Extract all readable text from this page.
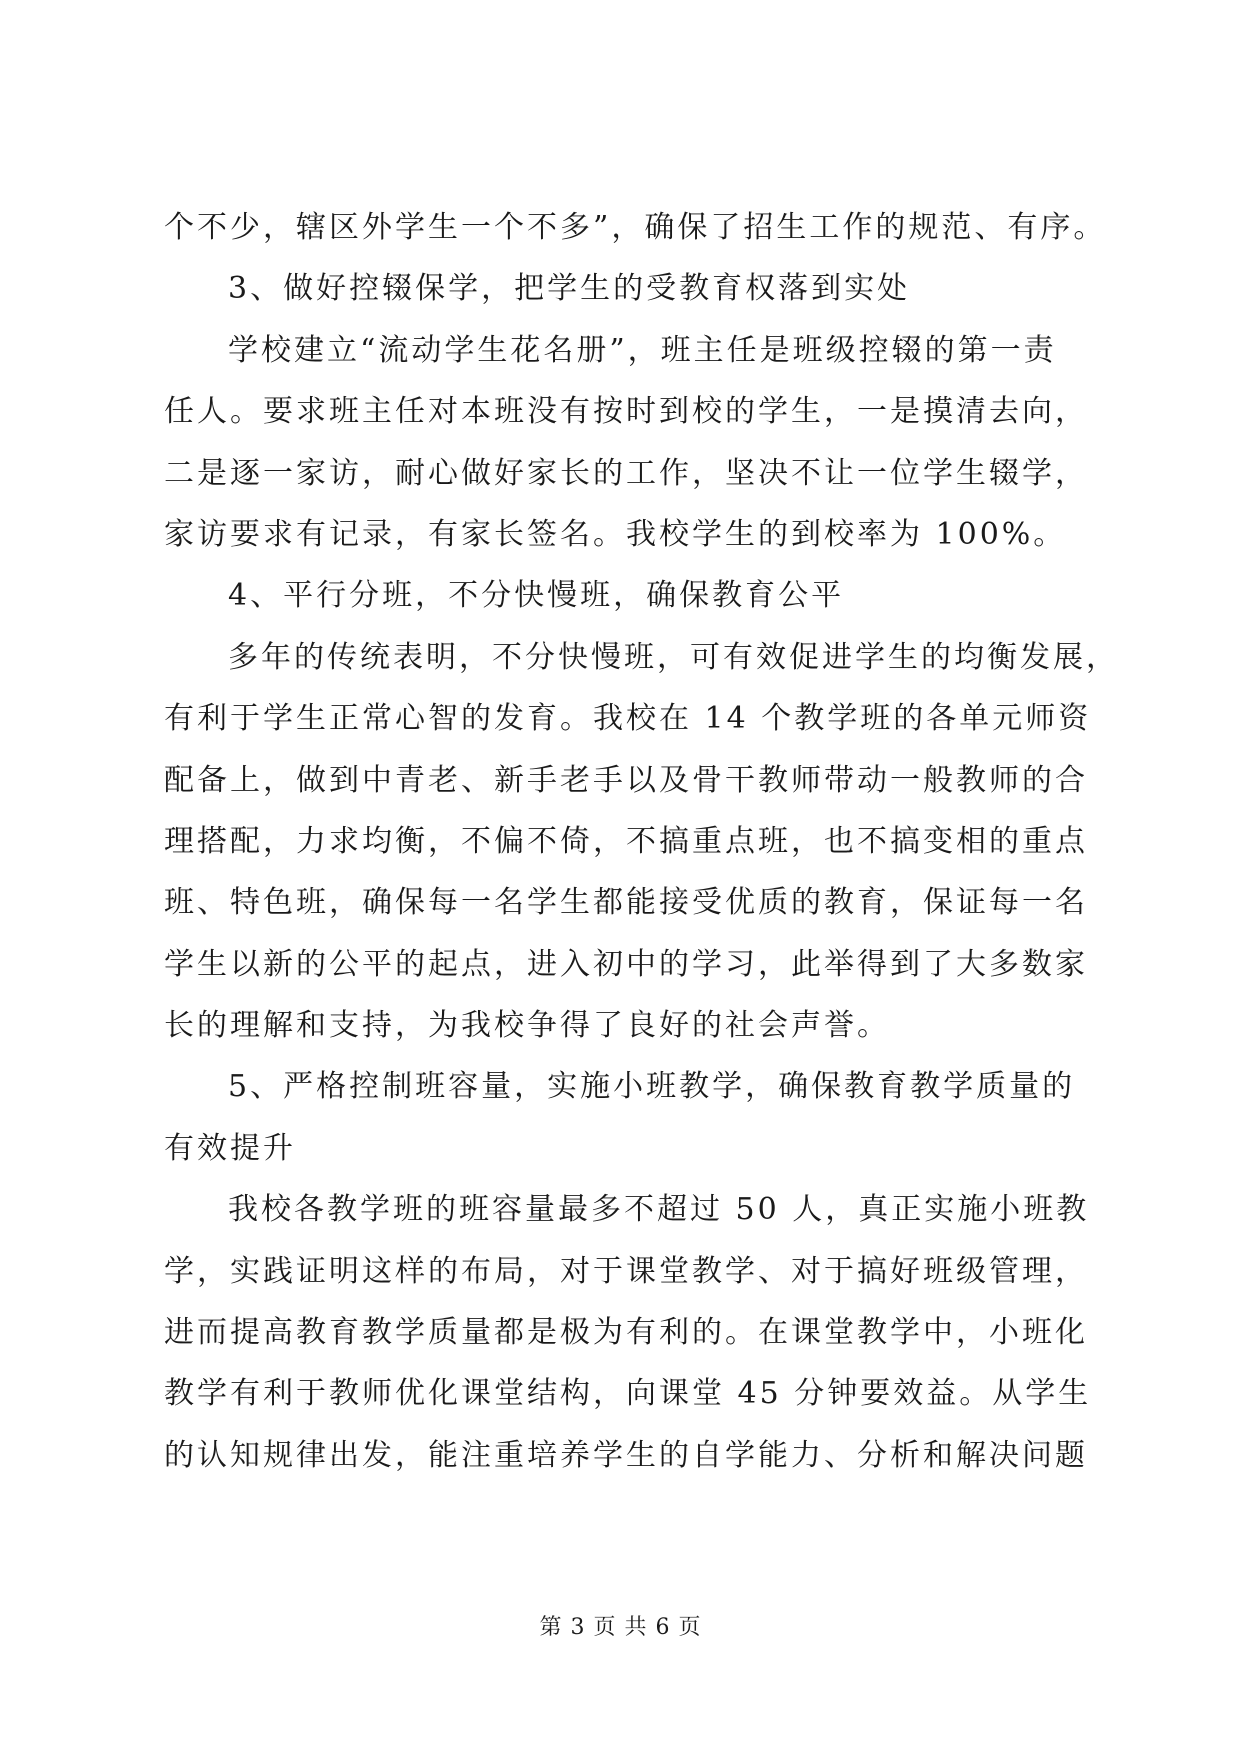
个不少，辖区外学生一个不多”，确保了招生工作的规范、有序。
3、做好控辍保学，把学生的受教育权落到实处
学校建立“流动学生花名册”，班主任是班级控辍的第一责
任人。要求班主任对本班没有按时到校的学生，一是摸清去向，
二是逐一家访，耐心做好家长的工作，坚决不让一位学生辍学，
家访要求有记录，有家长签名。我校学生的到校率为 100%。
4、平行分班，不分快慢班，确保教育公平
多年的传统表明，不分快慢班，可有效促进学生的均衡发展，
有利于学生正常心智的发育。我校在 14 个教学班的各单元师资
配备上，做到中青老、新手老手以及骨干教师带动一般教师的合
理搭配，力求均衡，不偏不倚，不搞重点班，也不搞变相的重点
班、特色班，确保每一名学生都能接受优质的教育，保证每一名
学生以新的公平的起点，进入初中的学习，此举得到了大多数家
长的理解和支持，为我校争得了良好的社会声誉。
5、严格控制班容量，实施小班教学，确保教育教学质量的
有效提升
我校各教学班的班容量最多不超过 50 人，真正实施小班教
学，实践证明这样的布局，对于课堂教学、对于搞好班级管理，
进而提高教育教学质量都是极为有利的。在课堂教学中，小班化
教学有利于教师优化课堂结构，向课堂 45 分钟要效益。从学生
的认知规律出发，能注重培养学生的自学能力、分析和解决问题
第 3 页 共 6 页
